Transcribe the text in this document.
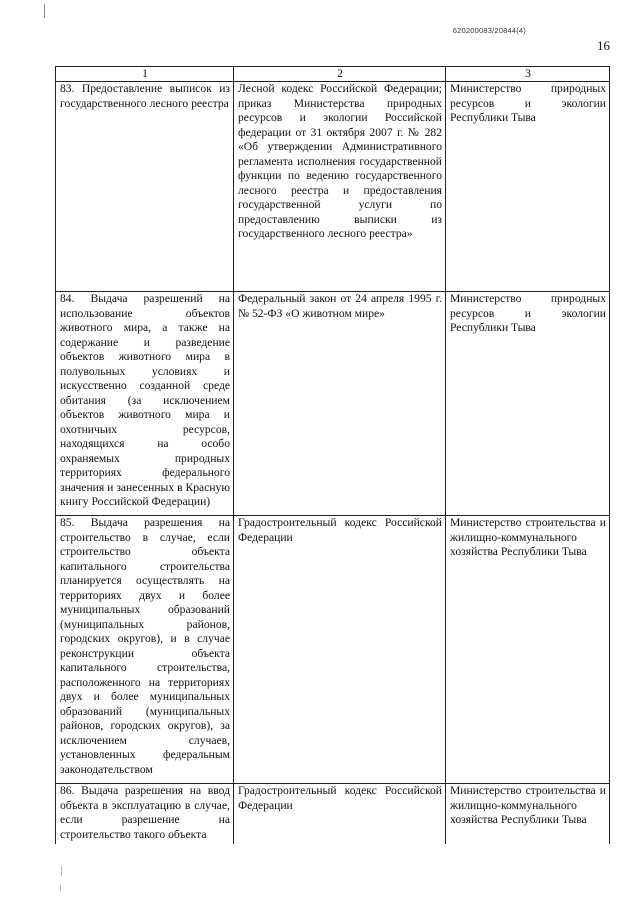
620200083/20844(4)
16
1	2	3

83. Предоставление выписок из государственного лесного реестра	Лесной кодекс Российской Федерации; приказ Министерства природных ресурсов и экологии Российской федерации от 31 октября 2007 г. № 282 «Об утверждении Административного регламента исполнения государственной функции по ведению государственного лесного реестра и предоставления государственной услуги по предоставлению выписки из государственного лесного реестра»	Министерство природных ресурсов и экологии Республики Тыва

84. Выдача разрешений на использование объектов животного мира, а также на содержание и разведение объектов животного мира в полувольных условиях и искусственно созданной среде обитания (за исключением объектов животного мира и охотничьих ресурсов, находящихся на особо охраняемых природных территориях федерального значения и занесенных в Красную книгу Российской Федерации)	Федеральный закон от 24 апреля 1995 г. № 52-ФЗ «О животном мире»	Министерство природных ресурсов и экологии Республики Тыва

85. Выдача разрешения на строительство в случае, если строительство объекта капитального строительства планируется осуществлять на территориях двух и более муниципальных образований (муниципальных районов, городских округов), и в случае реконструкции объекта капитального строительства, расположенного на территориях двух и более муниципальных образований (муниципальных районов, городских округов), за исключением случаев, установленных федеральным законодательством	Градостроительный кодекс Российской Федерации	Министерство строительства и жилищно-коммунального хозяйства Республики Тыва

86. Выдача разрешения на ввод объекта в эксплуатацию в случае, если разрешение на строительство такого объекта	Градостроительный кодекс Российской Федерации	Министерство строительства и жилищно-коммунального хозяйства Республики Тыва
